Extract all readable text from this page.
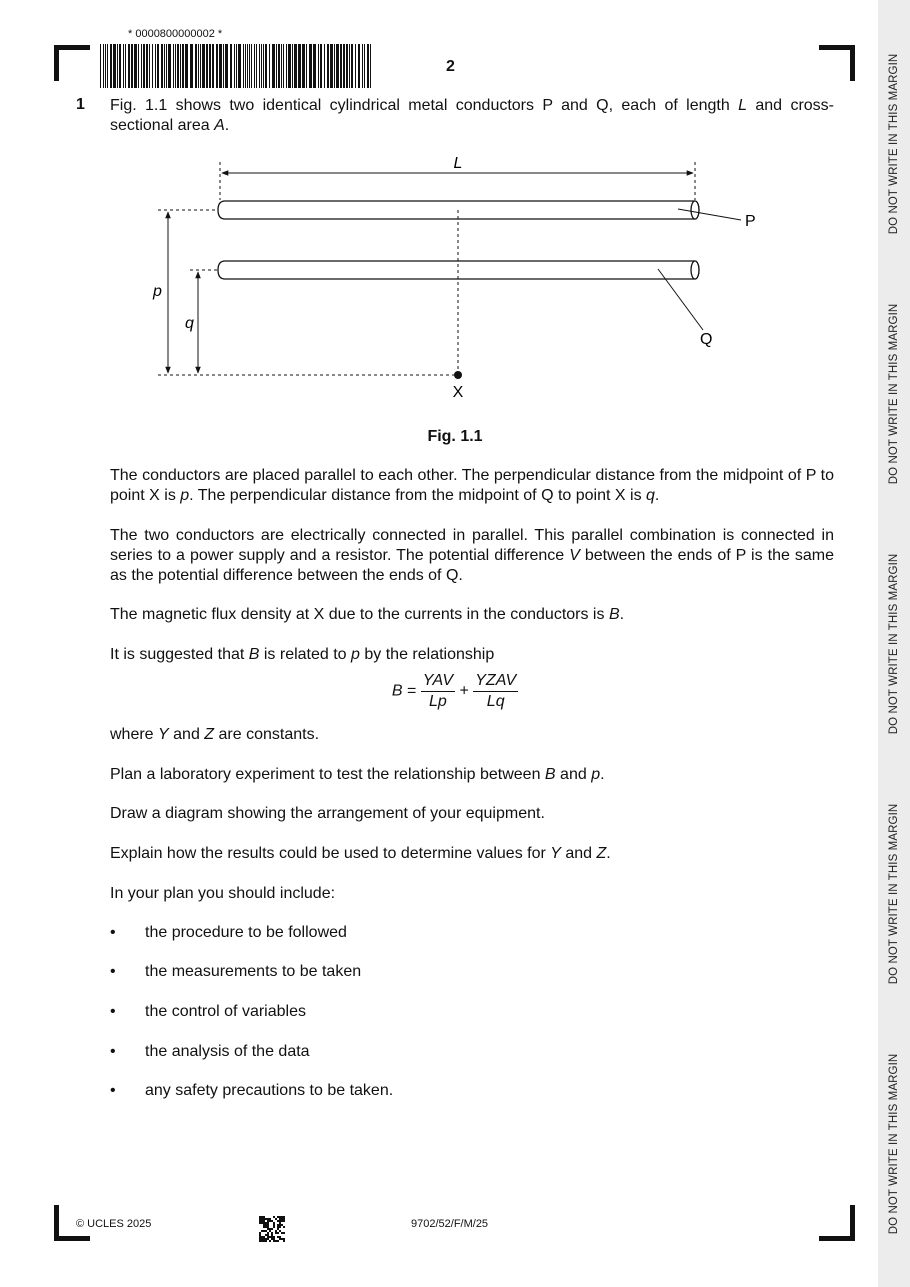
DO NOT WRITE IN THIS MARGIN
DO NOT WRITE IN THIS MARGIN
DO NOT WRITE IN THIS MARGIN
DO NOT WRITE IN THIS MARGIN
DO NOT WRITE IN THIS MARGIN
* 0000800000002 *
2
1 Fig. 1.1 shows two identical cylindrical metal conductors P and Q, each of length L and cross-sectional area A.
L
P
Q
p
q
X
Fig. 1.1
The conductors are placed parallel to each other. The perpendicular distance from the midpoint of P to point X is p. The perpendicular distance from the midpoint of Q to point X is q.
The two conductors are electrically connected in parallel. This parallel combination is connected in series to a power supply and a resistor. The potential difference V between the ends of P is the same as the potential difference between the ends of Q.
The magnetic flux density at X due to the currents in the conductors is B.
It is suggested that B is related to p by the relationship
$B = \frac{\text{YAV}}{Lp} + \frac{\text{YZAV}}{Lq}$
where Y and Z are constants.
Plan a laboratory experiment to test the relationship between B and p.
Draw a diagram showing the arrangement of your equipment.
Explain how the results could be used to determine values for Y and Z.
In your plan you should include:
• the procedure to be followed
• the measurements to be taken
• the control of variables
• the analysis of the data
• any safety precautions to be taken.
© UCLES 2025	9702/52/F/M/25
